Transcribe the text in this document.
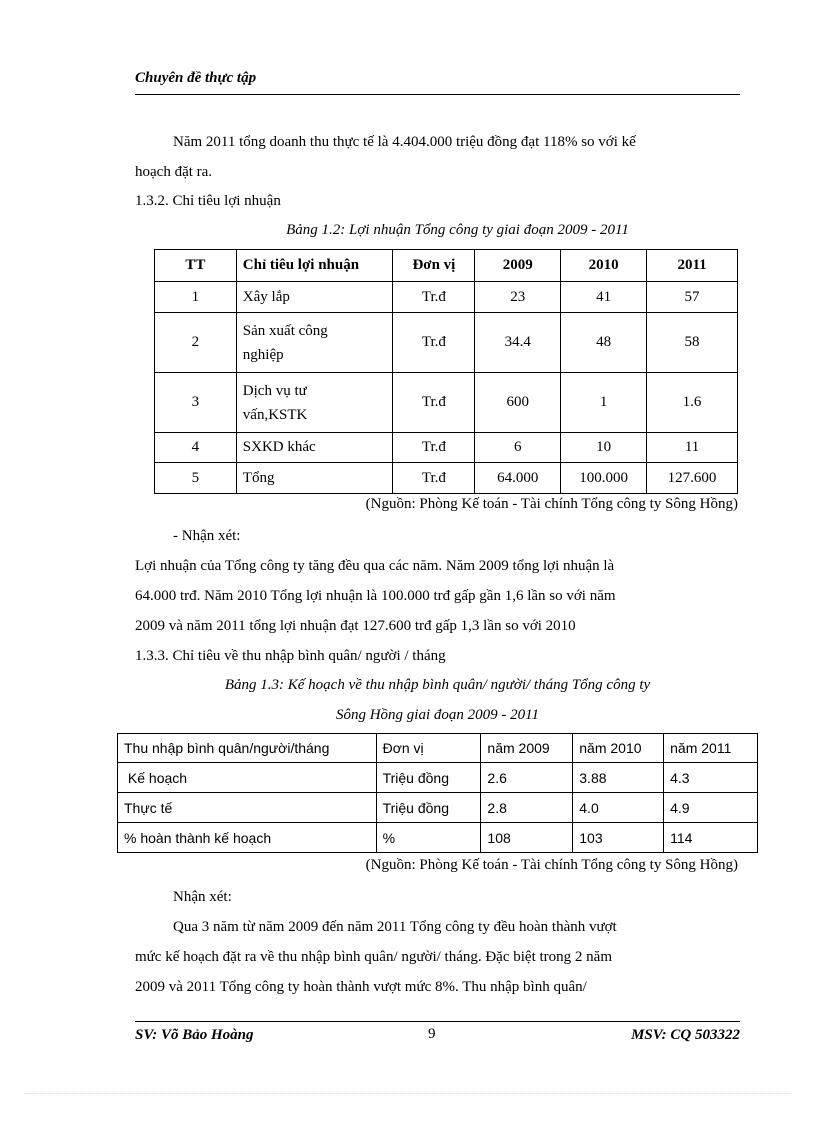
Chuyên đề thực tập
Năm 2011 tổng doanh thu thực tế là 4.404.000 triệu đồng đạt 118% so với kế
hoạch đặt ra.
1.3.2. Chỉ tiêu lợi nhuận
Bảng 1.2: Lợi nhuận Tổng công ty giai đoạn 2009 - 2011
TT	Chỉ tiêu lợi nhuận	Đơn vị	2009	2010	2011
1	Xây lắp	Tr.đ	23	41	57
2	Sản xuất công
nghiệp	Tr.đ	34.4	48	58
3	Dịch vụ tư
vấn,KSTK	Tr.đ	600	1	1.6
4	SXKD khác	Tr.đ	6	10	11
5	Tổng	Tr.đ	64.000	100.000	127.600
(Nguồn: Phòng Kế toán - Tài chính Tổng công ty Sông Hồng)
- Nhận xét:
Lợi nhuận của Tổng công ty tăng đều qua các năm. Năm 2009 tổng lợi nhuận là
64.000 trđ. Năm 2010 Tổng lợi nhuận là 100.000 trđ gấp gần 1,6 lần so với năm
2009 và năm 2011 tổng lợi nhuận đạt 127.600 trđ gấp 1,3 lần so với 2010
1.3.3. Chỉ tiêu về thu nhập bình quân/ người / tháng
Bảng 1.3: Kế hoạch về thu nhập bình quân/ người/ tháng Tổng công ty
Sông Hồng giai đoạn 2009 - 2011
Thu nhập bình quân/người/tháng	Đơn vị	năm 2009	năm 2010	năm 2011
Kế hoạch	Triệu đồng	2.6	3.88	4.3
Thực tế	Triệu đồng	2.8	4.0	4.9
% hoàn thành kế hoạch	%	108	103	114
(Nguồn: Phòng Kế toán - Tài chính Tổng công ty Sông Hồng)
Nhận xét:
Qua 3 năm từ năm 2009 đến năm 2011 Tổng công ty đều hoàn thành vượt
mức kế hoạch đặt ra về thu nhập bình quân/ người/ tháng. Đặc biệt trong 2 năm
2009 và 2011 Tổng công ty hoàn thành vượt mức 8%. Thu nhập bình quân/
SV: Võ Bảo Hoàng	9	MSV: CQ 503322
